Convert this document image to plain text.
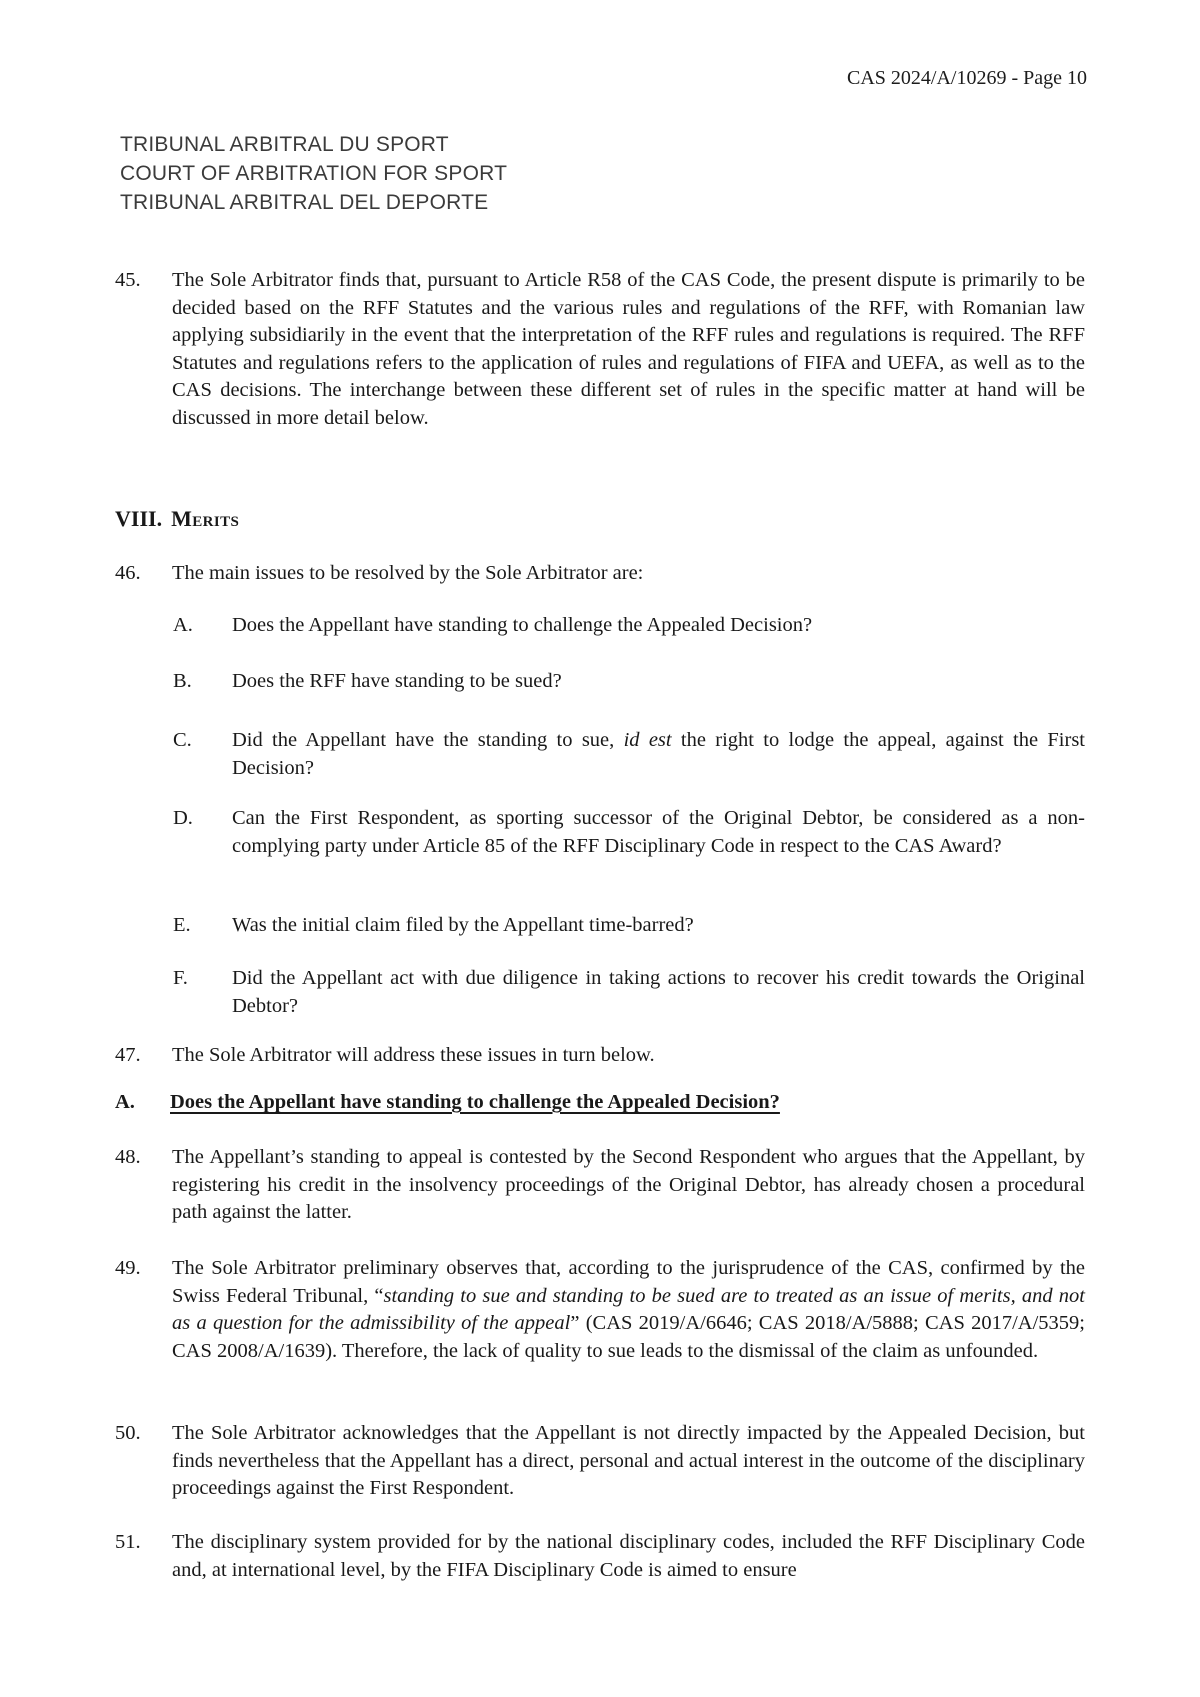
CAS 2024/A/10269 - Page 10
TRIBUNAL ARBITRAL DU SPORT
COURT OF ARBITRATION FOR SPORT
TRIBUNAL ARBITRAL DEL DEPORTE
45.	The Sole Arbitrator finds that, pursuant to Article R58 of the CAS Code, the present dispute is primarily to be decided based on the RFF Statutes and the various rules and regulations of the RFF, with Romanian law applying subsidiarily in the event that the interpretation of the RFF rules and regulations is required. The RFF Statutes and regulations refers to the application of rules and regulations of FIFA and UEFA, as well as to the CAS decisions. The interchange between these different set of rules in the specific matter at hand will be discussed in more detail below.
VIII. Merits
46.	The main issues to be resolved by the Sole Arbitrator are:
A.	Does the Appellant have standing to challenge the Appealed Decision?
B.	Does the RFF have standing to be sued?
C.	Did the Appellant have the standing to sue, id est the right to lodge the appeal, against the First Decision?
D.	Can the First Respondent, as sporting successor of the Original Debtor, be considered as a non-complying party under Article 85 of the RFF Disciplinary Code in respect to the CAS Award?
E.	Was the initial claim filed by the Appellant time-barred?
F.	Did the Appellant act with due diligence in taking actions to recover his credit towards the Original Debtor?
47.	The Sole Arbitrator will address these issues in turn below.
A.	Does the Appellant have standing to challenge the Appealed Decision?
48.	The Appellant’s standing to appeal is contested by the Second Respondent who argues that the Appellant, by registering his credit in the insolvency proceedings of the Original Debtor, has already chosen a procedural path against the latter.
49.	The Sole Arbitrator preliminary observes that, according to the jurisprudence of the CAS, confirmed by the Swiss Federal Tribunal, “standing to sue and standing to be sued are to treated as an issue of merits, and not as a question for the admissibility of the appeal” (CAS 2019/A/6646; CAS 2018/A/5888; CAS 2017/A/5359; CAS 2008/A/1639). Therefore, the lack of quality to sue leads to the dismissal of the claim as unfounded.
50.	The Sole Arbitrator acknowledges that the Appellant is not directly impacted by the Appealed Decision, but finds nevertheless that the Appellant has a direct, personal and actual interest in the outcome of the disciplinary proceedings against the First Respondent.
51.	The disciplinary system provided for by the national disciplinary codes, included the RFF Disciplinary Code and, at international level, by the FIFA Disciplinary Code is aimed to ensure
